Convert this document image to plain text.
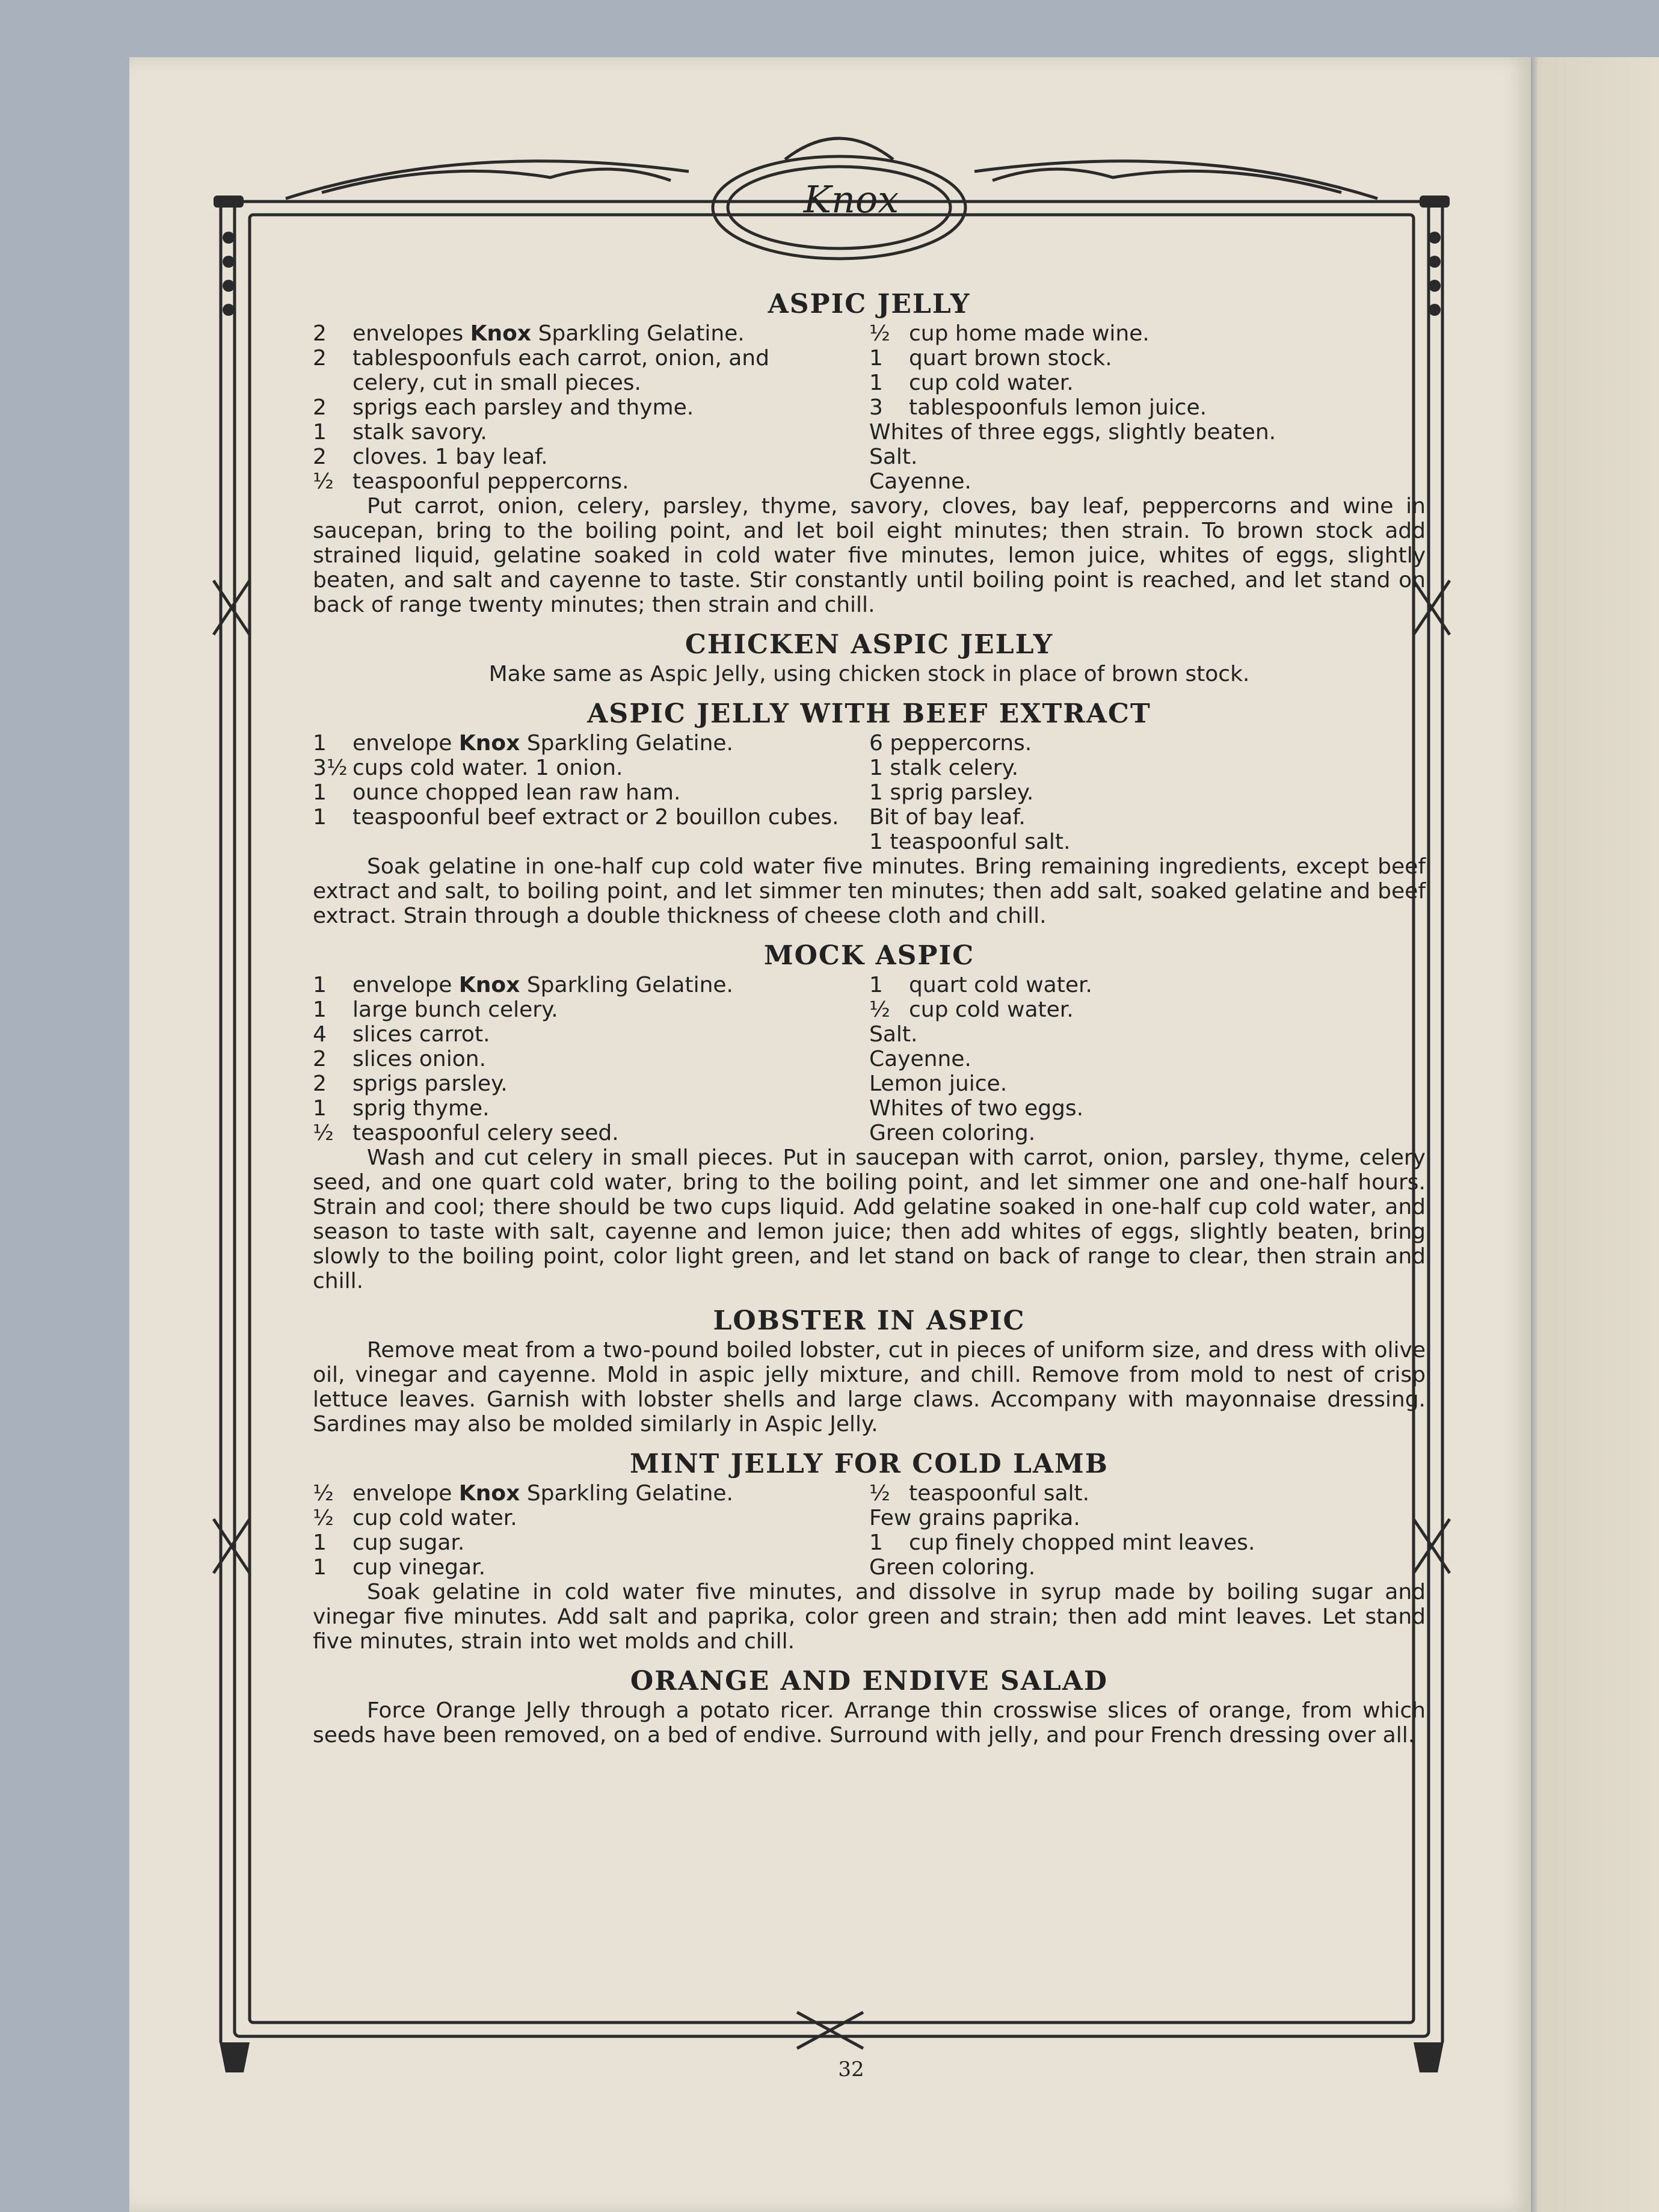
Knox
ASPIC JELLY
2	envelopes Knox Sparkling Gelatine.
2	tablespoonfuls each carrot, onion, and celery, cut in small pieces.
2	sprigs each parsley and thyme.
1	stalk savory.
2	cloves. 1 bay leaf.
½ teaspoonful peppercorns.
½ cup home made wine.
1	quart brown stock.
1	cup cold water.
3	tablespoonfuls lemon juice.
Whites of three eggs, slightly beaten.
Salt.
Cayenne.

Put carrot, onion, celery, parsley, thyme, savory, cloves, bay leaf, peppercorns and wine in saucepan, bring to the boiling point, and let boil eight minutes; then strain. To brown stock add strained liquid, gelatine soaked in cold water five minutes, lemon juice, whites of eggs, slightly beaten, and salt and cayenne to taste. Stir constantly until boiling point is reached, and let stand on back of range twenty minutes; then strain and chill.

CHICKEN ASPIC JELLY

Make same as Aspic Jelly, using chicken stock in place of brown stock.

ASPIC JELLY WITH BEEF EXTRACT
1	envelope Knox Sparkling Gelatine.
3½ cups cold water. 1 onion.
1	ounce chopped lean raw ham.
1	teaspoonful beef extract or 2 bouillon cubes.
6 peppercorns.
1 stalk celery.
1 sprig parsley.
Bit of bay leaf.
1 teaspoonful salt.

Soak gelatine in one-half cup cold water five minutes. Bring remaining ingredients, except beef extract and salt, to boiling point, and let simmer ten minutes; then add salt, soaked gelatine and beef extract. Strain through a double thickness of cheese cloth and chill.

MOCK ASPIC
1	envelope Knox Sparkling Gelatine.
1	large bunch celery.
4	slices carrot.
2	slices onion.
2	sprigs parsley.
1	sprig thyme.
½ teaspoonful celery seed.
1	quart cold water.
½ cup cold water.
Salt.
Cayenne.
Lemon juice.
Whites of two eggs.
Green coloring.

Wash and cut celery in small pieces. Put in saucepan with carrot, onion, parsley, thyme, celery seed, and one quart cold water, bring to the boiling point, and let simmer one and one-half hours. Strain and cool; there should be two cups liquid. Add gelatine soaked in one-half cup cold water, and season to taste with salt, cayenne and lemon juice; then add whites of eggs, slightly beaten, bring slowly to the boiling point, color light green, and let stand on back of range to clear, then strain and chill.

LOBSTER IN ASPIC

Remove meat from a two-pound boiled lobster, cut in pieces of uniform size, and dress with olive oil, vinegar and cayenne. Mold in aspic jelly mixture, and chill. Remove from mold to nest of crisp lettuce leaves. Garnish with lobster shells and large claws. Accompany with mayonnaise dressing. Sardines may also be molded similarly in Aspic Jelly.

MINT JELLY FOR COLD LAMB
½ envelope Knox Sparkling Gelatine.
½ cup cold water.
1	cup sugar.
1	cup vinegar.
½ teaspoonful salt.
Few grains paprika.
1	cup finely chopped mint leaves.
Green coloring.

Soak gelatine in cold water five minutes, and dissolve in syrup made by boiling sugar and vinegar five minutes. Add salt and paprika, color green and strain; then add mint leaves. Let stand five minutes, strain into wet molds and chill.

ORANGE AND ENDIVE SALAD

Force Orange Jelly through a potato ricer. Arrange thin crosswise slices of orange, from which seeds have been removed, on a bed of endive. Surround with jelly, and pour French dressing over all.

32
